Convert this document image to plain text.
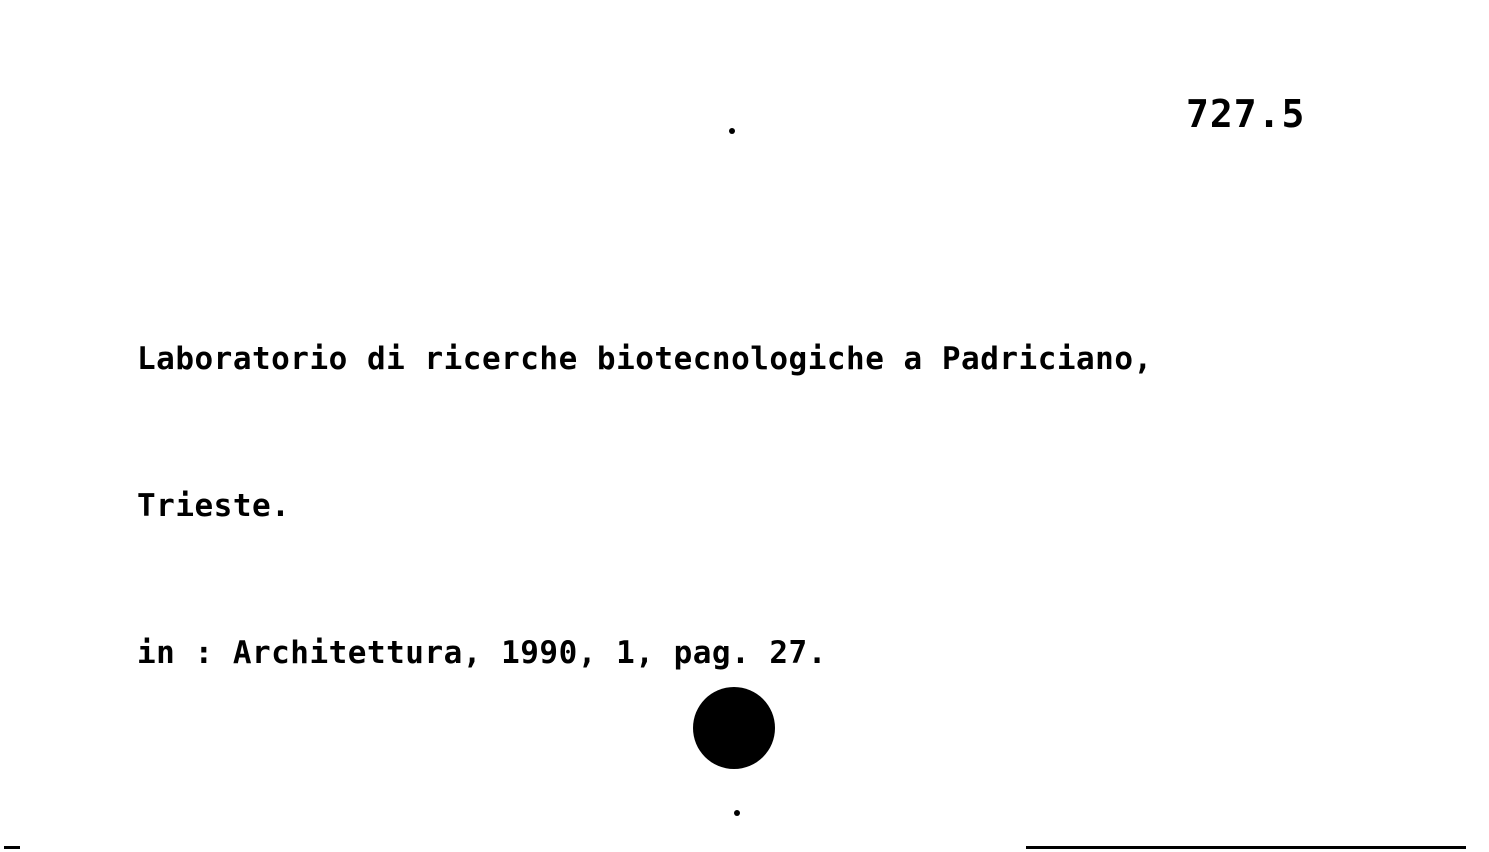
727.5

Laboratorio di ricerche biotecnologiche a Padriciano,

Trieste.

in : Architettura, 1990, 1, pag. 27.
